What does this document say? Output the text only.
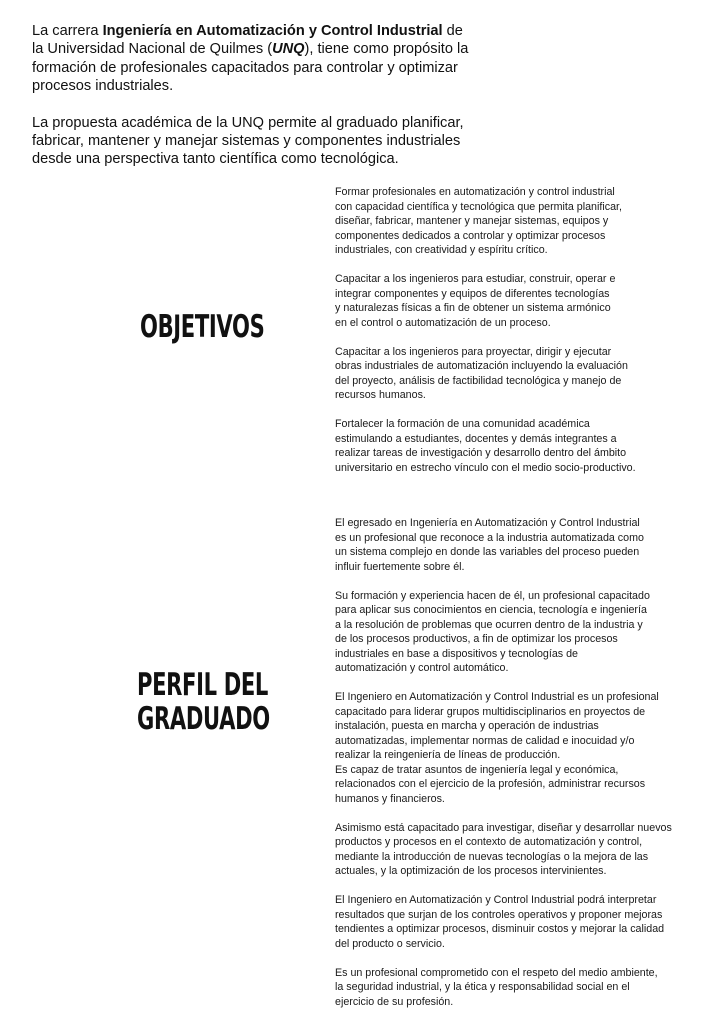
La carrera Ingeniería en Automatización y Control Industrial de la Universidad Nacional de Quilmes (UNQ), tiene como propósito la formación de profesionales capacitados para controlar y optimizar procesos industriales.

La propuesta académica de la UNQ permite al graduado planificar, fabricar, mantener y manejar sistemas y componentes industriales desde una perspectiva tanto científica como tecnológica.

OBJETIVOS

Formar profesionales en automatización y control industrial
con capacidad científica y tecnológica que permita planificar,
diseñar, fabricar, mantener y manejar sistemas, equipos y
componentes dedicados a controlar y optimizar procesos
industriales, con creatividad y espíritu crítico.

Capacitar a los ingenieros para estudiar, construir, operar e
integrar componentes y equipos de diferentes tecnologías
y naturalezas físicas a fin de obtener un sistema armónico
en el control o automatización de un proceso.

Capacitar a los ingenieros para proyectar, dirigir y ejecutar
obras industriales de automatización incluyendo la evaluación
del proyecto, análisis de factibilidad tecnológica y manejo de
recursos humanos.

Fortalecer la formación de una comunidad académica
estimulando a estudiantes, docentes y demás integrantes a
realizar tareas de investigación y desarrollo dentro del ámbito
universitario en estrecho vínculo con el medio socio-productivo.

PERFIL DEL
GRADUADO

El egresado en Ingeniería en Automatización y Control Industrial
es un profesional que reconoce a la industria automatizada como
un sistema complejo en donde las variables del proceso pueden
influir fuertemente sobre él.

Su formación y experiencia hacen de él, un profesional capacitado
para aplicar sus conocimientos en ciencia, tecnología e ingeniería
a la resolución de problemas que ocurren dentro de la industria y
de los procesos productivos, a fin de optimizar los procesos
industriales en base a dispositivos y tecnologías de
automatización y control automático.

El Ingeniero en Automatización y Control Industrial es un profesional
capacitado para liderar grupos multidisciplinarios en proyectos de
instalación, puesta en marcha y operación de industrias
automatizadas, implementar normas de calidad e inocuidad y/o
realizar la reingeniería de líneas de producción.
Es capaz de tratar asuntos de ingeniería legal y económica,
relacionados con el ejercicio de la profesión, administrar recursos
humanos y financieros.

Asimismo está capacitado para investigar, diseñar y desarrollar nuevos
productos y procesos en el contexto de automatización y control,
mediante la introducción de nuevas tecnologías o la mejora de las
actuales, y la optimización de los procesos intervinientes.

El Ingeniero en Automatización y Control Industrial podrá interpretar
resultados que surjan de los controles operativos y proponer mejoras
tendientes a optimizar procesos, disminuir costos y mejorar la calidad
del producto o servicio.

Es un profesional comprometido con el respeto del medio ambiente,
la seguridad industrial, y la ética y responsabilidad social en el
ejercicio de su profesión.
